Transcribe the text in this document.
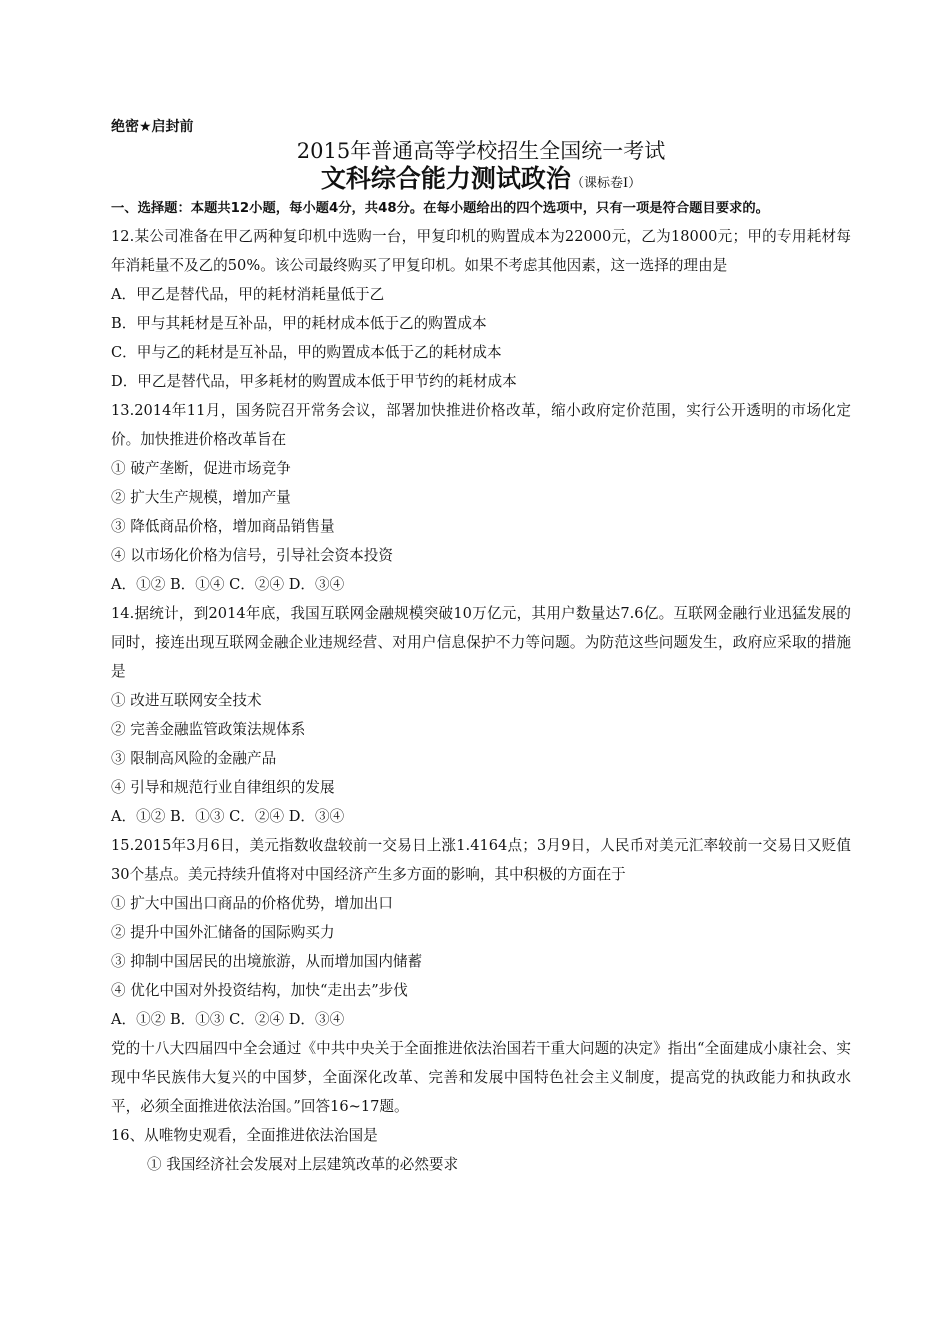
绝密★启封前
2015年普通高等学校招生全国统一考试
文科综合能力测试政治（课标卷Ⅰ）
一、选择题：本题共12小题，每小题4分，共48分。在每小题给出的四个选项中，只有一项是符合题目要求的。
12.某公司准备在甲乙两种复印机中选购一台，甲复印机的购置成本为22000元，乙为18000元；甲的专用耗材每年消耗量不及乙的50%。该公司最终购买了甲复印机。如果不考虑其他因素，这一选择的理由是
A．甲乙是替代品，甲的耗材消耗量低于乙
B．甲与其耗材是互补品，甲的耗材成本低于乙的购置成本
C．甲与乙的耗材是互补品，甲的购置成本低于乙的耗材成本
D．甲乙是替代品，甲多耗材的购置成本低于甲节约的耗材成本
13.2014年11月，国务院召开常务会议，部署加快推进价格改革，缩小政府定价范围，实行公开透明的市场化定价。加快推进价格改革旨在
① 破产垄断，促进市场竞争
② 扩大生产规模，增加产量
③ 降低商品价格，增加商品销售量
④ 以市场化价格为信号，引导社会资本投资
A．①② B．①④ C．②④ D．③④
14.据统计，到2014年底，我国互联网金融规模突破10万亿元，其用户数量达7.6亿。互联网金融行业迅猛发展的同时，接连出现互联网金融企业违规经营、对用户信息保护不力等问题。为防范这些问题发生，政府应采取的措施是
① 改进互联网安全技术
② 完善金融监管政策法规体系
③ 限制高风险的金融产品
④ 引导和规范行业自律组织的发展
A．①② B．①③ C．②④ D．③④
15.2015年3月6日，美元指数收盘较前一交易日上涨1.4164点；3月9日，人民币对美元汇率较前一交易日又贬值30个基点。美元持续升值将对中国经济产生多方面的影响，其中积极的方面在于
① 扩大中国出口商品的价格优势，增加出口
② 提升中国外汇储备的国际购买力
③ 抑制中国居民的出境旅游，从而增加国内储蓄
④ 优化中国对外投资结构，加快“走出去”步伐
A．①② B．①③ C．②④ D．③④
党的十八大四届四中全会通过《中共中央关于全面推进依法治国若干重大问题的决定》指出“全面建成小康社会、实现中华民族伟大复兴的中国梦，全面深化改革、完善和发展中国特色社会主义制度，提高党的执政能力和执政水平，必须全面推进依法治国。”回答16~17题。
16、从唯物史观看，全面推进依法治国是
① 我国经济社会发展对上层建筑改革的必然要求
